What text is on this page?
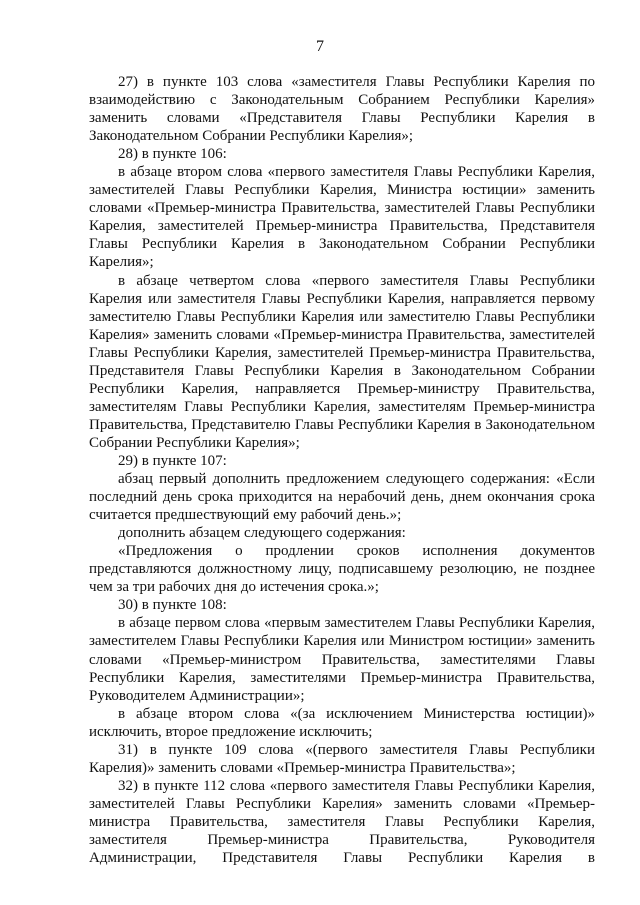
7

27) в пункте 103 слова «заместителя Главы Республики Карелия по взаимодействию с Законодательным Собранием Республики Карелия» заменить словами «Представителя Главы Республики Карелия в Законодательном Собрании Республики Карелия»;

28) в пункте 106:

в абзаце втором слова «первого заместителя Главы Республики Карелия, заместителей Главы Республики Карелия, Министра юстиции» заменить словами «Премьер-министра Правительства, заместителей Главы Республики Карелия, заместителей Премьер-министра Правительства, Представителя Главы Республики Карелия в Законодательном Собрании Республики Карелия»;

в абзаце четвертом слова «первого заместителя Главы Республики Карелия или заместителя Главы Республики Карелия, направляется первому заместителю Главы Республики Карелия или заместителю Главы Республики Карелия» заменить словами «Премьер-министра Правительства, заместителей Главы Республики Карелия, заместителей Премьер-министра Правительства, Представителя Главы Республики Карелия в Законодательном Собрании Республики Карелия, направляется Премьер-министру Правительства, заместителям Главы Республики Карелия, заместителям Премьер-министра Правительства, Представителю Главы Республики Карелия в Законодательном Собрании Республики Карелия»;

29) в пункте 107:

абзац первый дополнить предложением следующего содержания: «Если последний день срока приходится на нерабочий день, днем окончания срока считается предшествующий ему рабочий день.»;

дополнить абзацем следующего содержания:

«Предложения о продлении сроков исполнения документов представляются должностному лицу, подписавшему резолюцию, не позднее чем за три рабочих дня до истечения срока.»;

30) в пункте 108:

в абзаце первом слова «первым заместителем Главы Республики Карелия, заместителем Главы Республики Карелия или Министром юстиции» заменить словами «Премьер-министром Правительства, заместителями Главы Республики Карелия, заместителями Премьер-министра Правительства, Руководителем Администрации»;

в абзаце втором слова «(за исключением Министерства юстиции)» исключить, второе предложение исключить;

31) в пункте 109 слова «(первого заместителя Главы Республики Карелия)» заменить словами «Премьер-министра Правительства»;

32) в пункте 112 слова «первого заместителя Главы Республики Карелия, заместителей Главы Республики Карелия» заменить словами «Премьер-министра Правительства, заместителя Главы Республики Карелия, заместителя Премьер-министра Правительства, Руководителя Администрации, Представителя Главы Республики Карелия в
